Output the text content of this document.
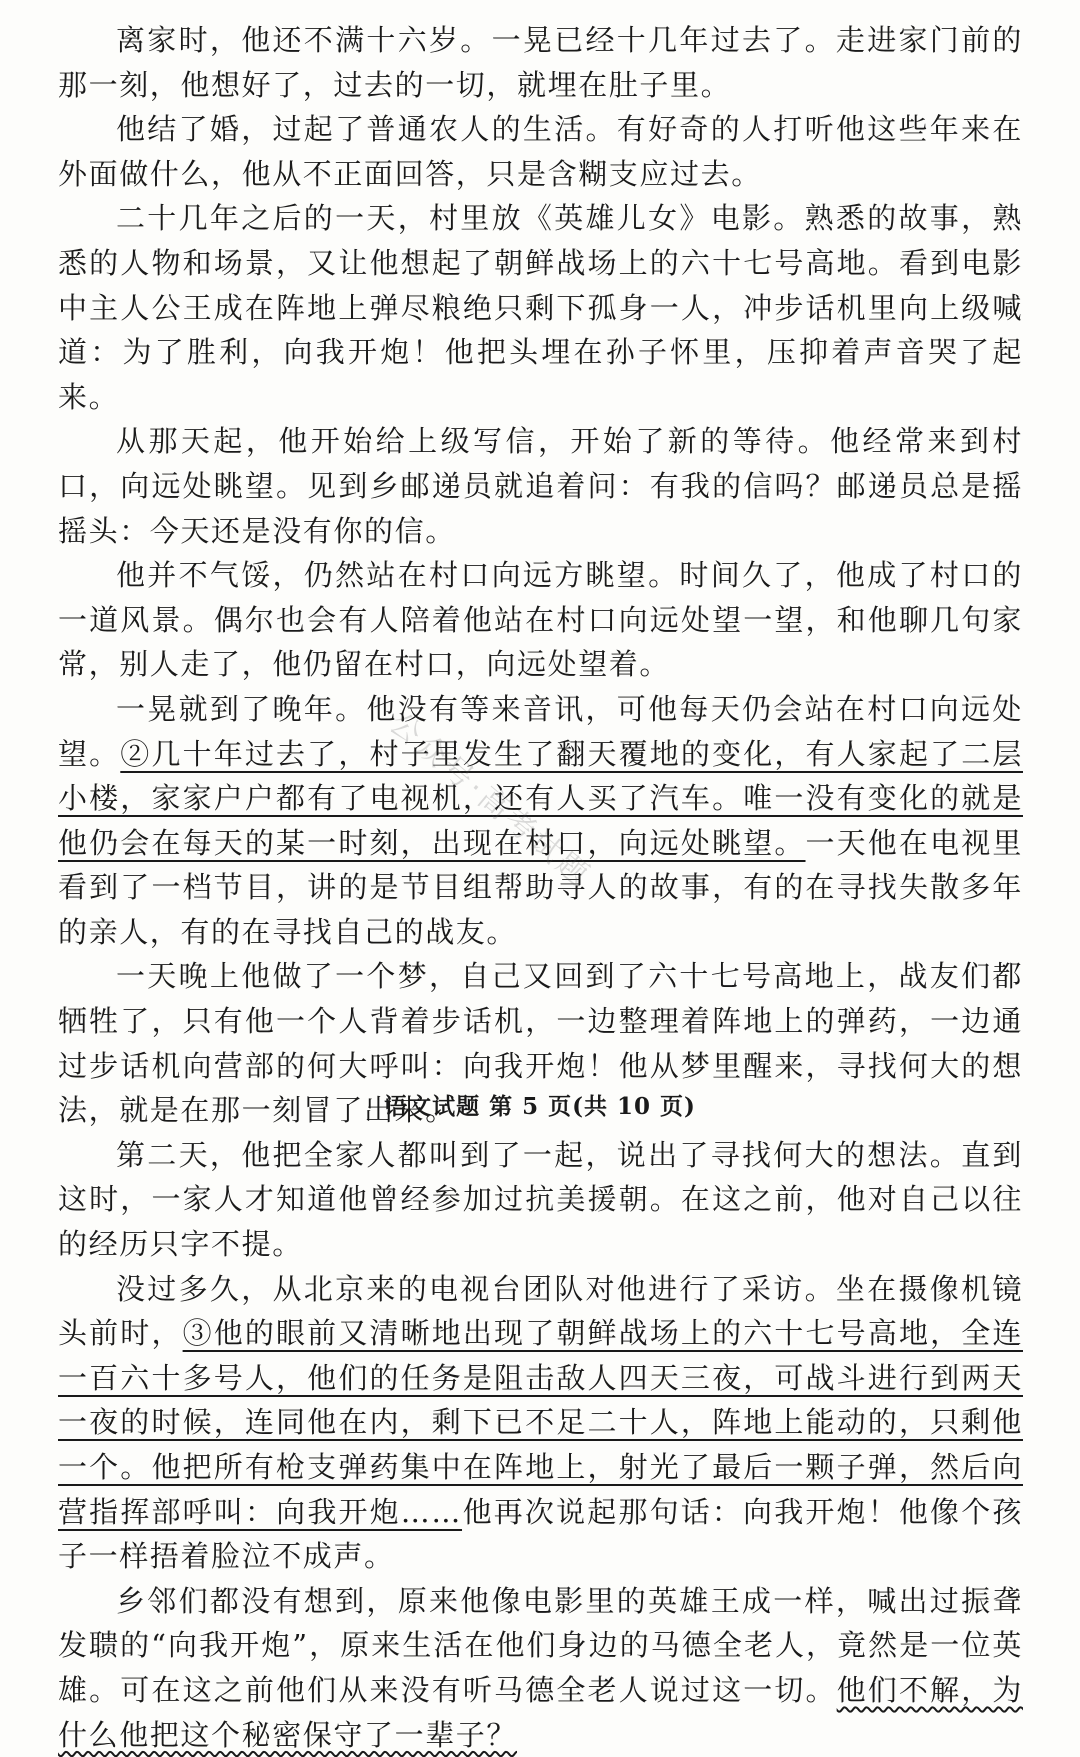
离家时，他还不满十六岁。一晃已经十几年过去了。走进家门前的那一刻，他想好了，过去的一切，就埋在肚子里。

他结了婚，过起了普通农人的生活。有好奇的人打听他这些年来在外面做什么，他从不正面回答，只是含糊支应过去。

二十几年之后的一天，村里放《英雄儿女》电影。熟悉的故事，熟悉的人物和场景，又让他想起了朝鲜战场上的六十七号高地。看到电影中主人公王成在阵地上弹尽粮绝只剩下孤身一人，冲步话机里向上级喊道：为了胜利，向我开炮！他把头埋在孙子怀里，压抑着声音哭了起来。

从那天起，他开始给上级写信，开始了新的等待。他经常来到村口，向远处眺望。见到乡邮递员就追着问：有我的信吗？邮递员总是摇摇头：今天还是没有你的信。

他并不气馁，仍然站在村口向远方眺望。时间久了，他成了村口的一道风景。偶尔也会有人陪着他站在村口向远处望一望，和他聊几句家常，别人走了，他仍留在村口，向远处望着。

一晃就到了晚年。他没有等来音讯，可他每天仍会站在村口向远处望。②几十年过去了，村子里发生了翻天覆地的变化，有人家起了二层小楼，家家户户都有了电视机，还有人买了汽车。唯一没有变化的就是他仍会在每天的某一时刻，出现在村口，向远处眺望。一天他在电视里看到了一档节目，讲的是节目组帮助寻人的故事，有的在寻找失散多年的亲人，有的在寻找自己的战友。

一天晚上他做了一个梦，自己又回到了六十七号高地上，战友们都牺牲了，只有他一个人背着步话机，一边整理着阵地上的弹药，一边通过步话机向营部的何大呼叫：向我开炮！他从梦里醒来，寻找何大的想法，就是在那一刻冒了出来。

第二天，他把全家人都叫到了一起，说出了寻找何大的想法。直到这时，一家人才知道他曾经参加过抗美援朝。在这之前，他对自己以往的经历只字不提。

没过多久，从北京来的电视台团队对他进行了采访。坐在摄像机镜头前时，③他的眼前又清晰地出现了朝鲜战场上的六十七号高地，全连一百六十多号人，他们的任务是阻击敌人四天三夜，可战斗进行到两天一夜的时候，连同他在内，剩下已不足二十人，阵地上能动的，只剩他一个。他把所有枪支弹药集中在阵地上，射光了最后一颗子弹，然后向营指挥部呼叫：向我开炮……他再次说起那句话：向我开炮！他像个孩子一样捂着脸泣不成声。

乡邻们都没有想到，原来他像电影里的英雄王成一样，喊出过振聋发聩的“向我开炮”，原来生活在他们身边的马德全老人，竟然是一位英雄。可在这之前他们从来没有听马德全老人说过这一切。他们不解，为什么他把这个秘密保守了一辈子？

语文试题 第 5 页(共 10 页)
公众号·高考试题
